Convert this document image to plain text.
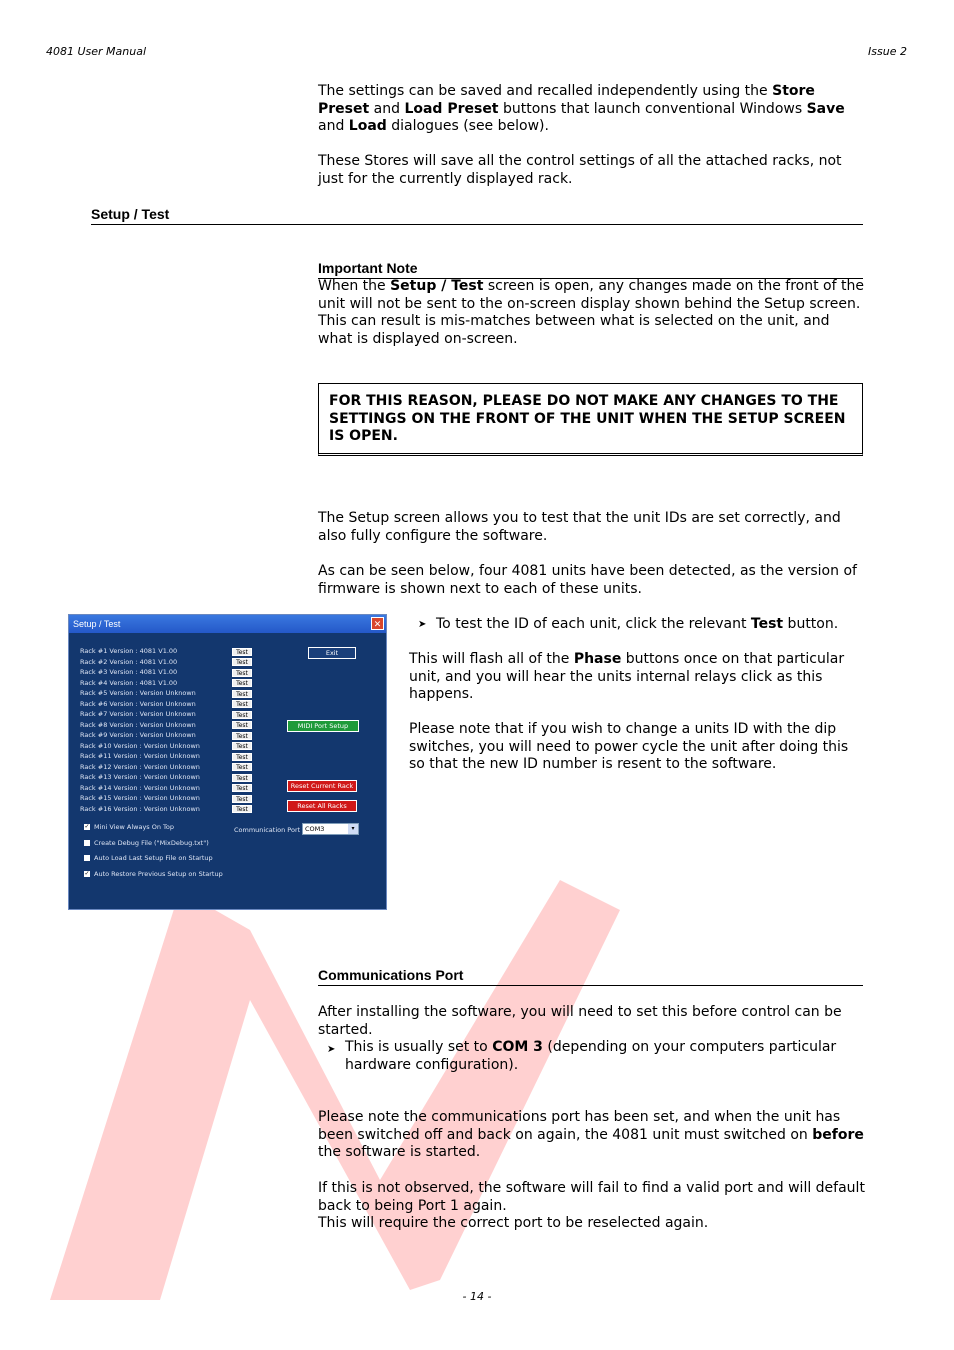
4081 User Manual	Issue 2

The settings can be saved and recalled independently using the Store Preset and Load Preset buttons that launch conventional Windows Save and Load dialogues (see below).

These Stores will save all the control settings of all the attached racks, not just for the currently displayed rack.

Setup / Test
Important Note

When the Setup / Test screen is open, any changes made on the front of the unit will not be sent to the on-screen display shown behind the Setup screen.
This can result is mis-matches between what is selected on the unit, and what is displayed on-screen.

FOR THIS REASON, PLEASE DO NOT MAKE ANY CHANGES TO THE SETTINGS ON THE FRONT OF THE UNIT WHEN THE SETUP SCREEN IS OPEN.

The Setup screen allows you to test that the unit IDs are set correctly, and also fully configure the software.

As can be seen below, four 4081 units have been detected, as the version of firmware is shown next to each of these units.

➤ To test the ID of each unit, click the relevant Test button.

This will flash all of the Phase buttons once on that particular unit, and you will hear the units internal relays click as this happens.

Please note that if you wish to change a units ID with the dip switches, you will need to power cycle the unit after doing this so that the new ID number is resent to the software.

Setup / Test	✕
Rack #1 Version : 4081 V1.00	Test
Rack #2 Version : 4081 V1.00	Test
Rack #3 Version : 4081 V1.00	Test
Rack #4 Version : 4081 V1.00	Test
Rack #5 Version : Version Unknown	Test
Rack #6 Version : Version Unknown	Test
Rack #7 Version : Version Unknown	Test
Rack #8 Version : Version Unknown	Test
Rack #9 Version : Version Unknown	Test
Rack #10 Version : Version Unknown	Test
Rack #11 Version : Version Unknown	Test
Rack #12 Version : Version Unknown	Test
Rack #13 Version : Version Unknown	Test
Rack #14 Version : Version Unknown	Test
Rack #15 Version : Version Unknown	Test
Rack #16 Version : Version Unknown	Test
✓ Mini View Always On Top
Create Debug File ("MixDebug.txt")
Auto Load Last Setup File on Startup
✓ Auto Restore Previous Setup on Startup
Exit
MIDI Port Setup
Reset Current Rack
Reset All Racks
Communication Port COM3	▾
Communications Port

After installing the software, you will need to set this before control can be started.

➤ This is usually set to COM 3 (depending on your computers particular hardware configuration).

Please note the communications port has been set, and when the unit has been switched off and back on again, the 4081 unit must switched on before the software is started.

If this is not observed, the software will fail to find a valid port and will default back to being Port 1 again.
This will require the correct port to be reselected again.

- 14 -
